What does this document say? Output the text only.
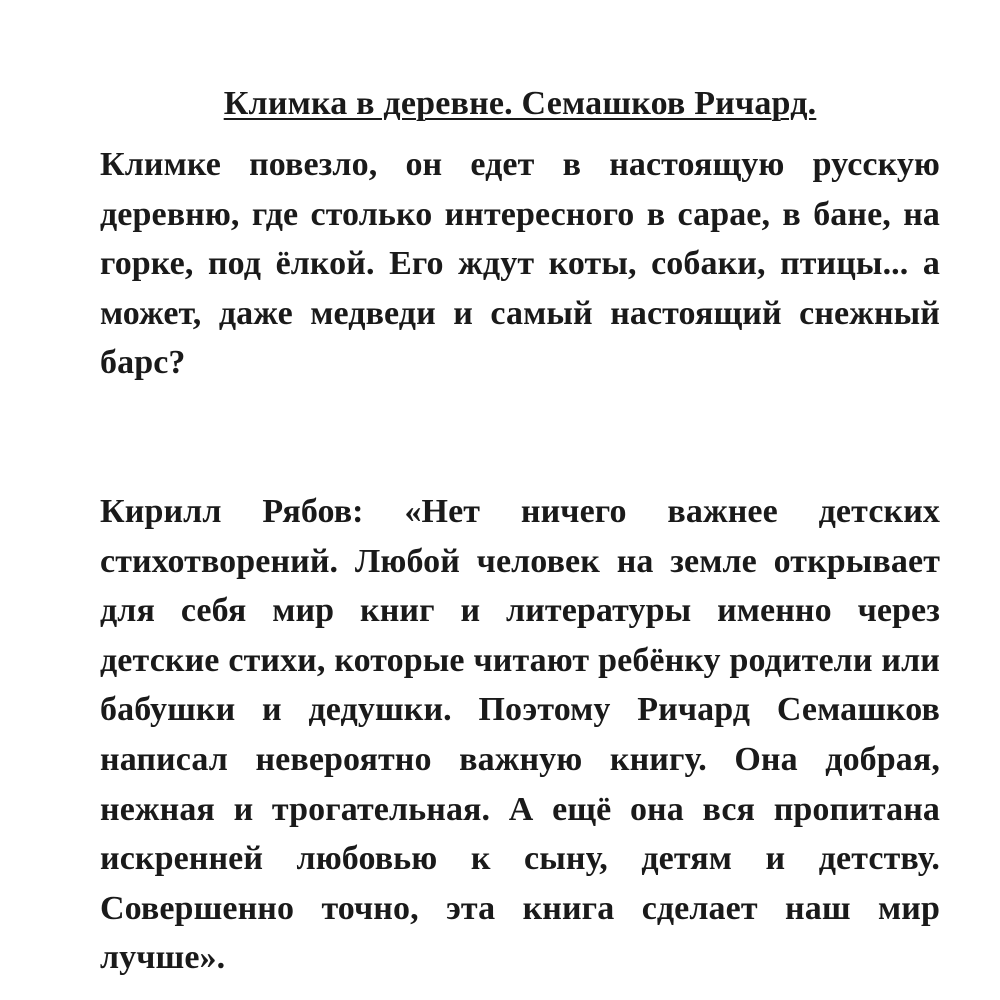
Климка в деревне. Семашков Ричард.

Климке повезло, он едет в настоящую русскую деревню, где столько интересного в сарае, в бане, на горке, под ёлкой. Его ждут коты, собаки, птицы... а может, даже медведи и самый настоящий снежный барс?

Кирилл Рябов: «Нет ничего важнее детских стихотворений. Любой человек на земле открывает для себя мир книг и литературы именно через детские стихи, которые читают ребёнку родители или бабушки и дедушки. Поэтому Ричард Семашков написал невероятно важную книгу. Она добрая, нежная и трогательная. А ещё она вся пропитана искренней любовью к сыну, детям и детству. Совершенно точно, эта книга сделает наш мир лучше».
